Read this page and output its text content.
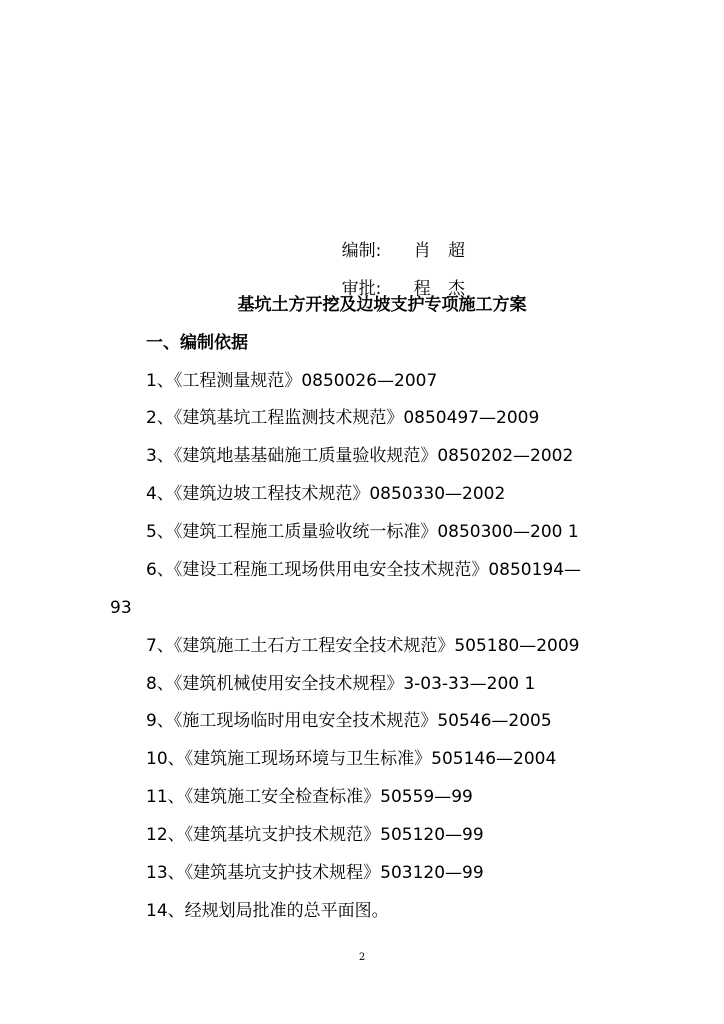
编制: 肖 超

审批: 程 杰

基坑土方开挖及边坡支护专项施工方案
一、编制依据
1、《工程测量规范》0850026—2007
2、《建筑基坑工程监测技术规范》0850497—2009
3、《建筑地基基础施工质量验收规范》0850202—2002
4、《建筑边坡工程技术规范》0850330—2002
5、《建筑工程施工质量验收统一标准》0850300—200 1
6、《建设工程施工现场供用电安全技术规范》0850194—
93
7、《建筑施工土石方工程安全技术规范》505180—2009
8、《建筑机械使用安全技术规程》3-03-33—200 1
9、《施工现场临时用电安全技术规范》50546—2005
10、《建筑施工现场环境与卫生标准》505146—2004
11、《建筑施工安全检查标准》50559—99
12、《建筑基坑支护技术规范》505120—99
13、《建筑基坑支护技术规程》503120—99
14、经规划局批准的总平面图。
2
